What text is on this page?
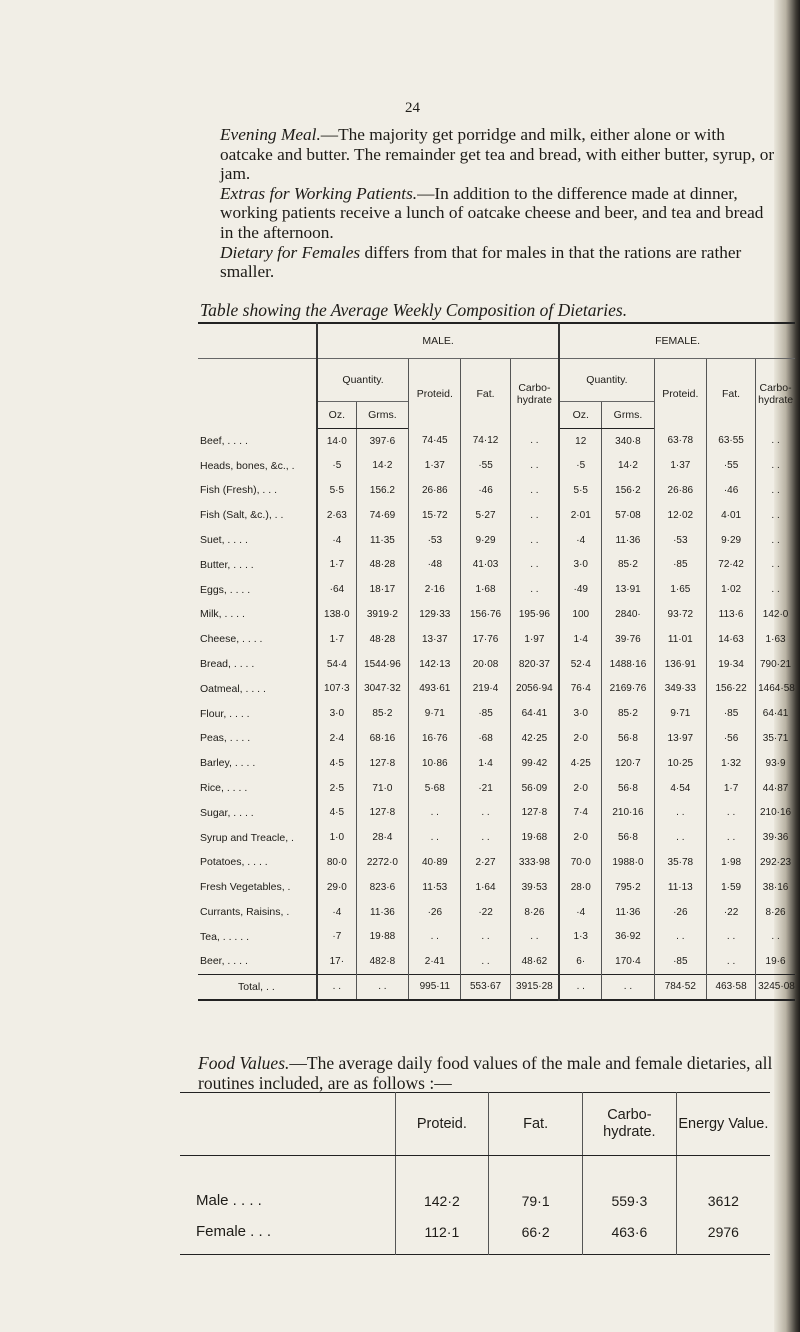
24

Evening Meal.—The majority get porridge and milk, either alone or with oatcake and butter. The remainder get tea and bread, with either butter, syrup, or jam.

Extras for Working Patients.—In addition to the difference made at dinner, working patients receive a lunch of oatcake cheese and beer, and tea and bread in the afternoon.

Dietary for Females differs from that for males in that the rations are rather smaller.

Table showing the Average Weekly Composition of Dietaries.
	MALE.					FEMALE.				
	Quantity.		Proteid.	Fat.	Carbo-hydrate	Quantity.		Proteid.	Fat.	Carbo-hydrate
	Oz.	Grms.				Oz.	Grms.			
Beef, . . . .	14·0	397·6	74·45	74·12	. .	12	340·8	63·78	63·55	. .
Heads, bones, &c., .	·5	14·2	1·37	·55	. .	·5	14·2	1·37	·55	. .
Fish (Fresh), . . .	5·5	156.2	26·86	·46	. .	5·5	156·2	26·86	·46	. .
Fish (Salt, &c.), . .	2·63	74·69	15·72	5·27	. .	2·01	57·08	12·02	4·01	. .
Suet, . . . .	·4	11·35	·53	9·29	. .	·4	11·36	·53	9·29	. .
Butter, . . . .	1·7	48·28	·48	41·03	. .	3·0	85·2	·85	72·42	. .
Eggs, . . . .	·64	18·17	2·16	1·68	. .	·49	13·91	1·65	1·02	. .
Milk, . . . .	138·0	3919·2	129·33	156·76	195·96	100	2840·	93·72	113·6	142·0
Cheese, . . . .	1·7	48·28	13·37	17·76	1·97	1·4	39·76	11·01	14·63	1·63
Bread, . . . .	54·4	1544·96	142·13	20·08	820·37	52·4	1488·16	136·91	19·34	790·21
Oatmeal, . . . .	107·3	3047·32	493·61	219·4	2056·94	76·4	2169·76	349·33	156·22	1464·58
Flour, . . . .	3·0	85·2	9·71	·85	64·41	3·0	85·2	9·71	·85	64·41
Peas, . . . .	2·4	68·16	16·76	·68	42·25	2·0	56·8	13·97	·56	35·71
Barley, . . . .	4·5	127·8	10·86	1·4	99·42	4·25	120·7	10·25	1·32	93·9
Rice, . . . .	2·5	71·0	5·68	·21	56·09	2·0	56·8	4·54	1·7	44·87
Sugar, . . . .	4·5	127·8	. .	. .	127·8	7·4	210·16	. .	. .	210·16
Syrup and Treacle, .	1·0	28·4	. .	. .	19·68	2·0	56·8	. .	. .	39·36
Potatoes, . . . .	80·0	2272·0	40·89	2·27	333·98	70·0	1988·0	35·78	1·98	292·23
Fresh Vegetables, .	29·0	823·6	11·53	1·64	39·53	28·0	795·2	11·13	1·59	38·16
Currants, Raisins, .	·4	11·36	·26	·22	8·26	·4	11·36	·26	·22	8·26
Tea, . . . . .	·7	19·88	. .	. .	. .	1·3	36·92	. .	. .	. .
Beer, . . . .	17·	482·8	2·41	. .	48·62	6·	170·4	·85	. .	19·6
Total, . .	. .	. .	995·11	553·67	3915·28	. .	. .	784·52	463·58	3245·08
Food Values.—The average daily food values of the male and female dietaries, all routines included, are as follows :—
	Proteid.	Fat.	Carbo-hydrate.	Energy Value.
Male . . . .	142·2	79·1	559·3	3612
Female . . .	112·1	66·2	463·6	2976
